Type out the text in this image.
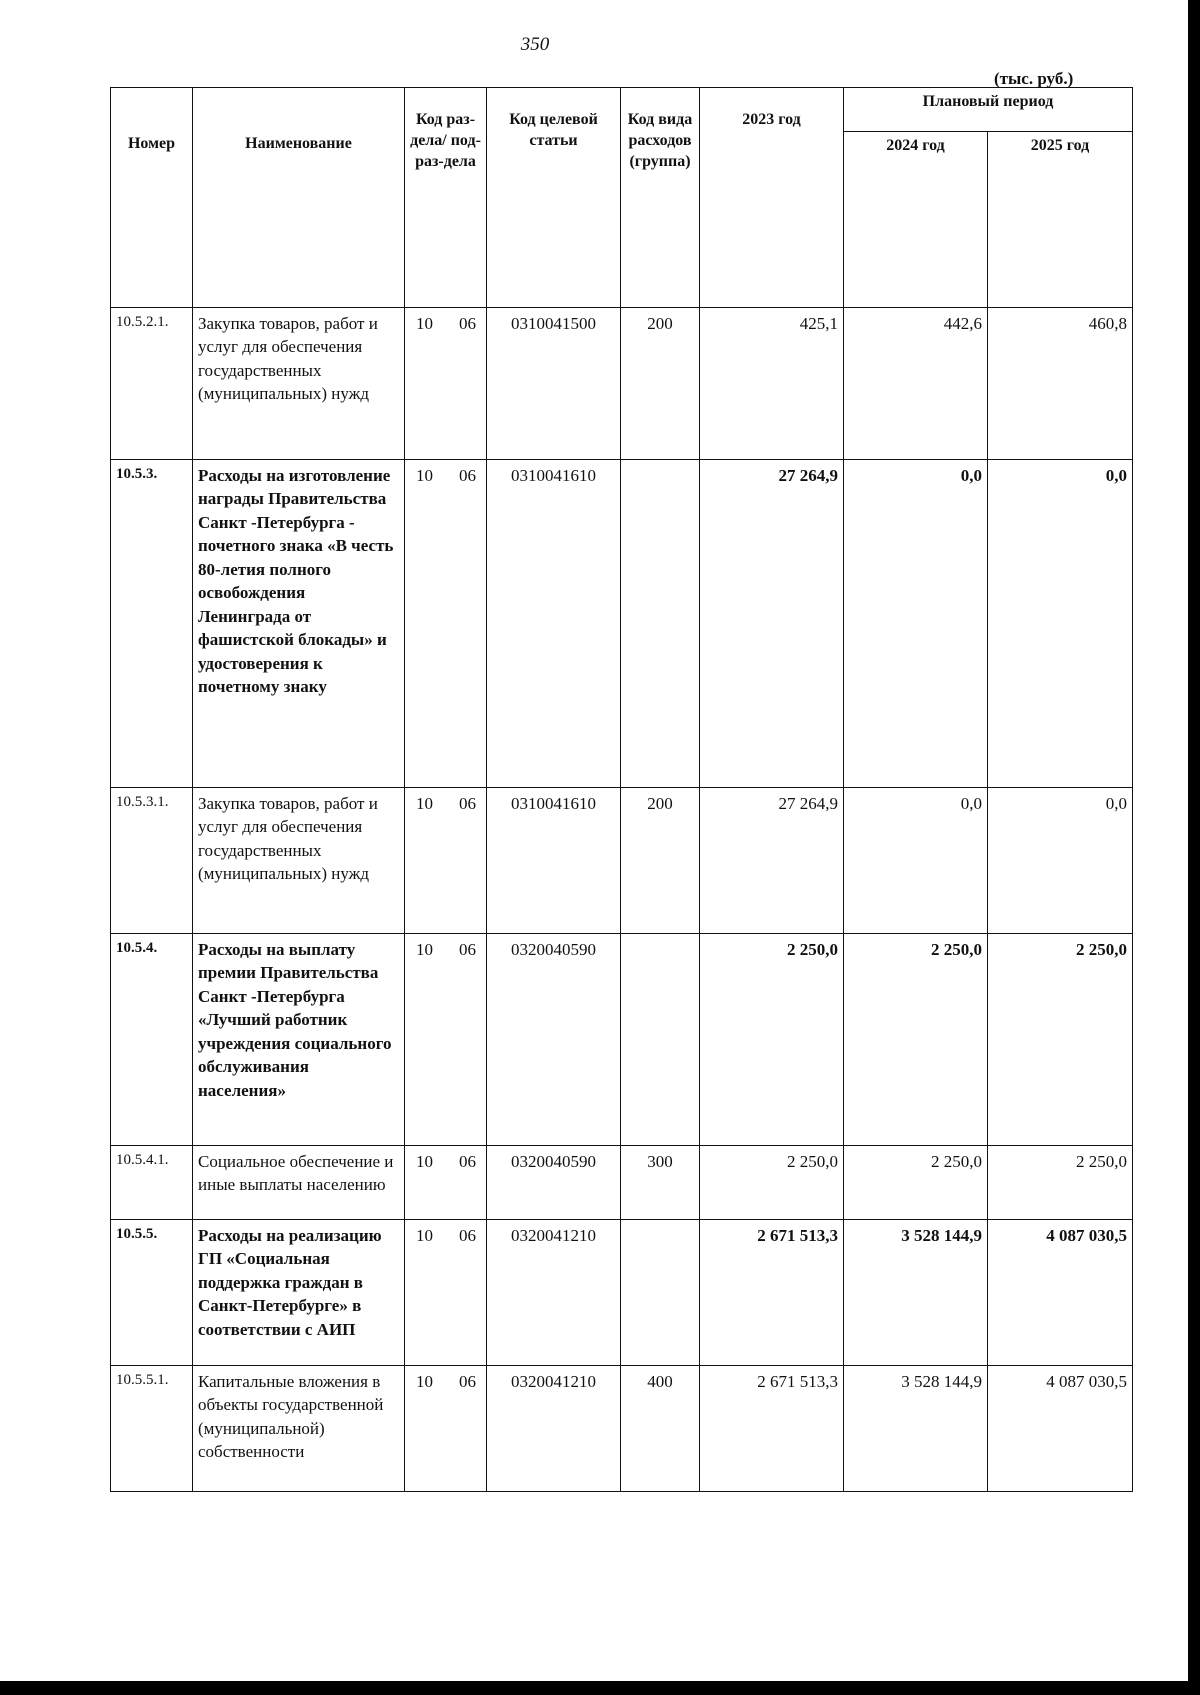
350
(тыс. руб.)
Номер	Наименование	Код раз-дела/ под-раз-дела	Код целевой статьи	Код вида расходов (группа)	2023 год	Плановый период	
						2024 год	2025 год
10.5.2.1.	Закупка товаров, работ и услуг для обеспечения государственных (муниципальных) нужд	10 06	0310041500	200	425,1	442,6	460,8
10.5.3.	Расходы на изготовление награды Правительства Санкт -Петербурга - почетного знака «В честь 80-летия полного освобождения Ленинграда от фашистской блокады» и удостоверения к почетному знаку	10 06	0310041610		27 264,9	0,0	0,0
10.5.3.1.	Закупка товаров, работ и услуг для обеспечения государственных (муниципальных) нужд	10 06	0310041610	200	27 264,9	0,0	0,0
10.5.4.	Расходы на выплату премии Правительства Санкт -Петербурга «Лучший работник учреждения социального обслуживания населения»	10 06	0320040590		2 250,0	2 250,0	2 250,0
10.5.4.1.	Социальное обеспечение и иные выплаты населению	10 06	0320040590	300	2 250,0	2 250,0	2 250,0
10.5.5.	Расходы на реализацию ГП «Социальная поддержка граждан в Санкт-Петербурге» в соответствии с АИП	10 06	0320041210		2 671 513,3	3 528 144,9	4 087 030,5
10.5.5.1.	Капитальные вложения в объекты государственной (муниципальной) собственности	10 06	0320041210	400	2 671 513,3	3 528 144,9	4 087 030,5
